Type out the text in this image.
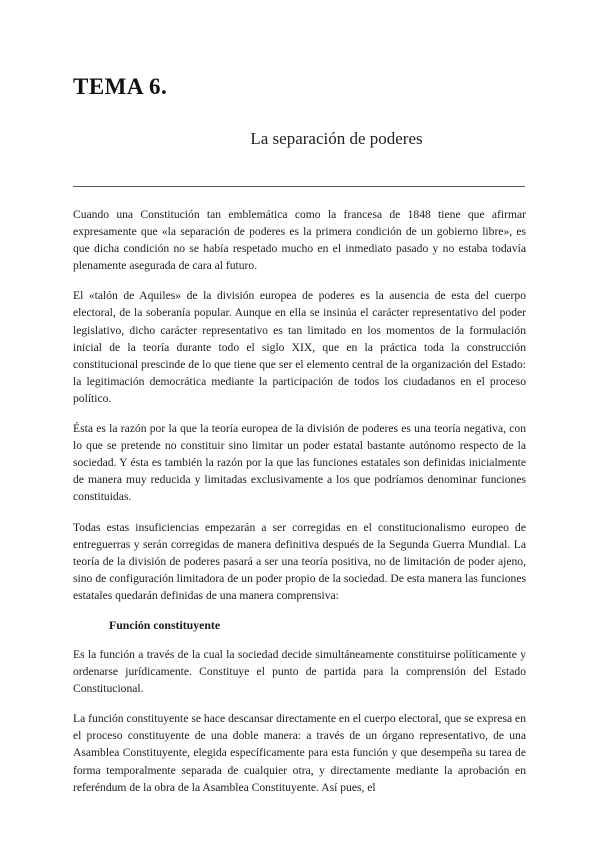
TEMA 6.
La separación de poderes

Cuando una Constitución tan emblemática como la francesa de 1848 tiene que afirmar expresamente que «la separación de poderes es la primera condición de un gobierno libre», es que dicha condición no se había respetado mucho en el inmediato pasado y no estaba todavía plenamente asegurada de cara al futuro.

El «talón de Aquiles» de la división europea de poderes es la ausencia de esta del cuerpo electoral, de la soberanía popular. Aunque en ella se insinúa el carácter representativo del poder legislativo, dicho carácter representativo es tan limitado en los momentos de la formulación inicial de la teoría durante todo el siglo XIX, que en la práctica toda la construcción constitucional prescinde de lo que tiene que ser el elemento central de la organización del Estado: la legitimación democrática mediante la participación de todos los ciudadanos en el proceso político.

Ésta es la razón por la que la teoría europea de la división de poderes es una teoría negativa, con lo que se pretende no constituir sino limitar un poder estatal bastante autónomo respecto de la sociedad. Y ésta es también la razón por la que las funciones estatales son definidas inicialmente de manera muy reducida y limitadas exclusivamente a los que podríamos denominar funciones constituidas.

Todas estas insuficiencias empezarán a ser corregidas en el constitucionalismo europeo de entreguerras y serán corregidas de manera definitiva después de la Segunda Guerra Mundial. La teoría de la división de poderes pasará a ser una teoría positiva, no de limitación de poder ajeno, sino de configuración limitadora de un poder propio de la sociedad. De esta manera las funciones estatales quedarán definidas de una manera comprensiva:

Función constituyente

Es la función a través de la cual la sociedad decide simultáneamente constituirse políticamente y ordenarse jurídicamente. Constituye el punto de partida para la comprensión del Estado Constitucional.

La función constituyente se hace descansar directamente en el cuerpo electoral, que se expresa en el proceso constituyente de una doble manera: a través de un órgano representativo, de una Asamblea Constituyente, elegida específicamente para esta función y que desempeña su tarea de forma temporalmente separada de cualquier otra, y directamente mediante la aprobación en referéndum de la obra de la Asamblea Constituyente. Así pues, el
